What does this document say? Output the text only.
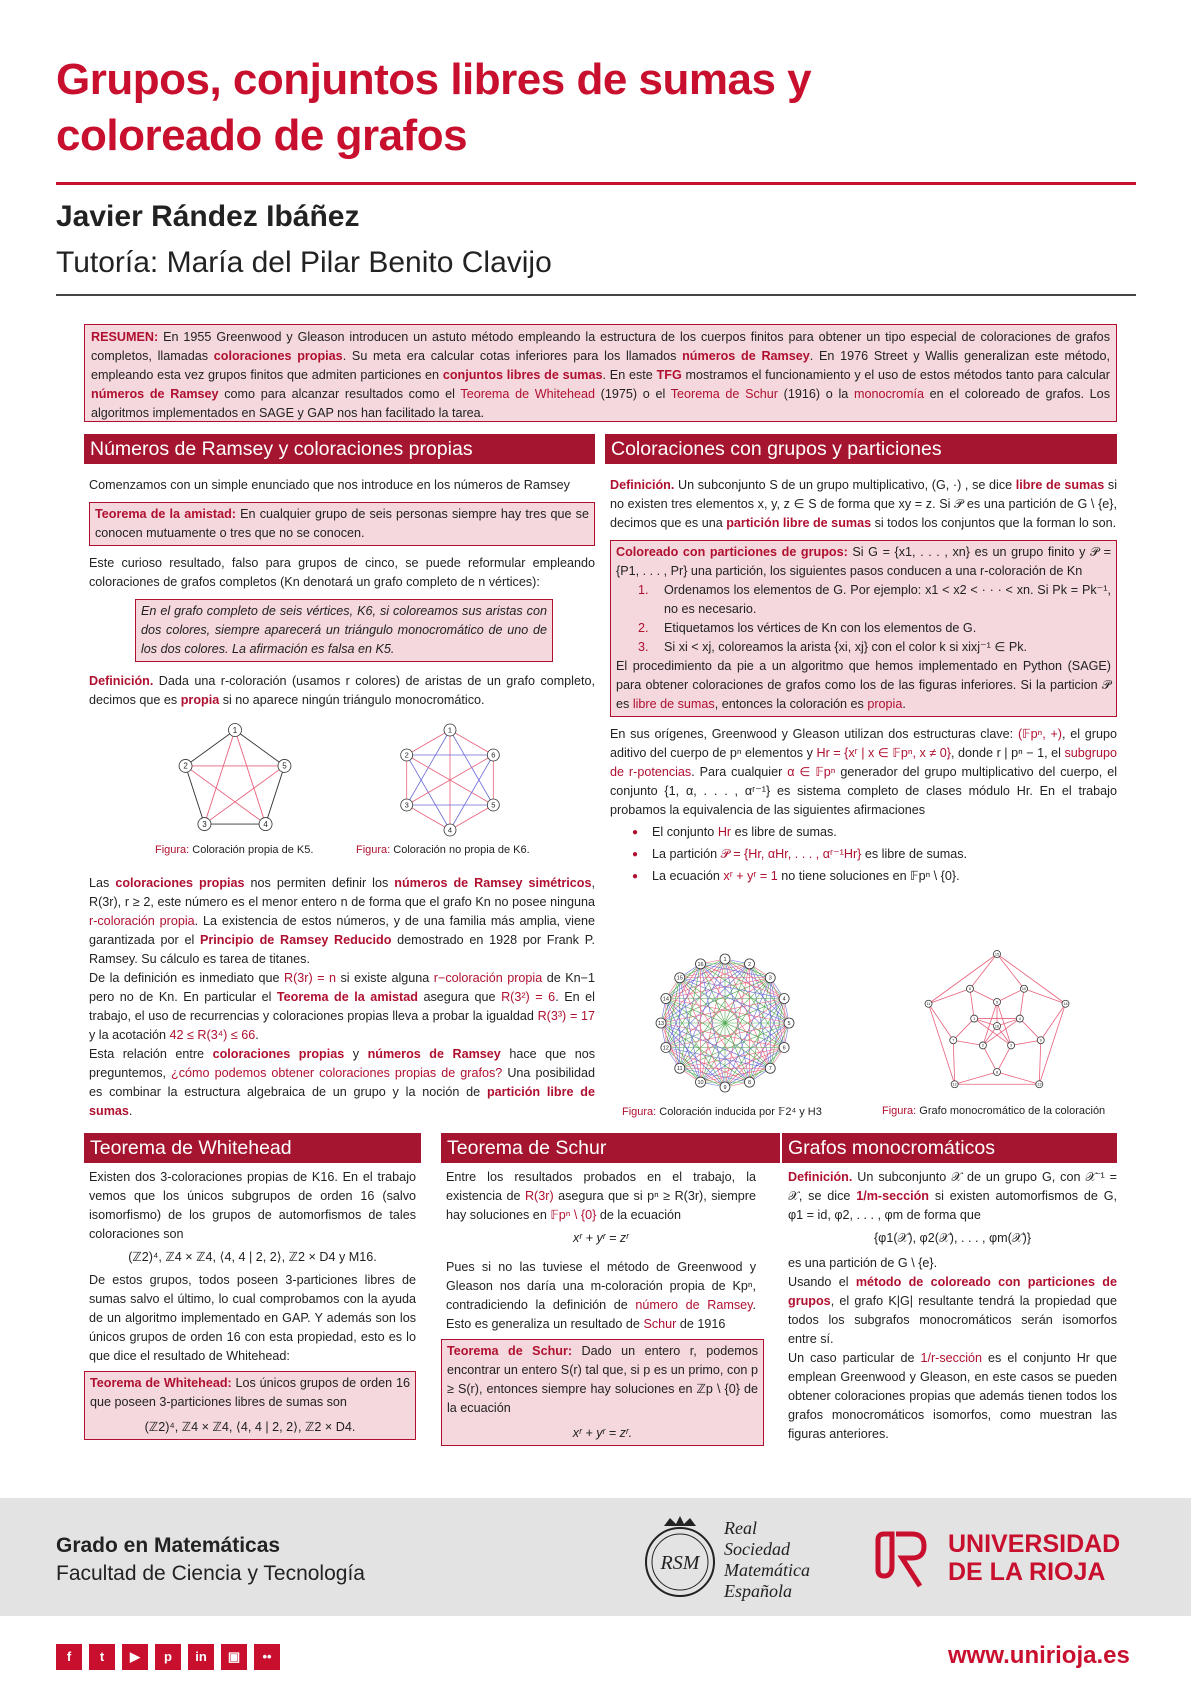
Grupos, conjuntos libres de sumas y
coloreado de grafos
Javier Rández Ibáñez
Tutoría: María del Pilar Benito Clavijo
RESUMEN: En 1955 Greenwood y Gleason introducen un astuto método empleando la estructura de los cuerpos finitos para obtener un tipo especial de coloraciones de grafos completos, llamadas coloraciones propias. Su meta era calcular cotas inferiores para los llamados números de Ramsey. En 1976 Street y Wallis generalizan este método, empleando esta vez grupos finitos que admiten particiones en conjuntos libres de sumas. En este TFG mostramos el funcionamiento y el uso de estos métodos tanto para calcular números de Ramsey como para alcanzar resultados como el Teorema de Whitehead (1975) o el Teorema de Schur (1916) o la monocromía en el coloreado de grafos. Los algoritmos implementados en SAGE y GAP nos han facilitado la tarea.
Números de Ramsey y coloraciones propias	Coloraciones con grupos y particiones

Comenzamos con un simple enunciado que nos introduce en los números de Ramsey

Teorema de la amistad: En cualquier grupo de seis personas siempre hay tres que se conocen mutuamente o tres que no se conocen.

Este curioso resultado, falso para grupos de cinco, se puede reformular empleando coloraciones de grafos completos (Kn denotará un grafo completo de n vértices):

En el grafo completo de seis vértices, K6, si coloreamos sus aristas con dos colores, siempre aparecerá un triángulo monocromático de uno de los dos colores. La afirmación es falsa en K5.

Definición. Dada una r-coloración (usamos r colores) de aristas de un grafo completo, decimos que es propia si no aparece ningún triángulo monocromático.

1
2
3	4
5
1
2
3
4
5
6
Figura: Coloración propia de K5.	Figura: Coloración no propia de K6.

Las coloraciones propias nos permiten definir los números de Ramsey simétricos, R(3r), r ≥ 2, este número es el menor entero n de forma que el grafo Kn no posee ninguna r-coloración propia. La existencia de estos números, y de una familia más amplia, viene garantizada por el Principio de Ramsey Reducido demostrado en 1928 por Frank P. Ramsey. Su cálculo es tarea de titanes.

De la definición es inmediato que R(3r) = n si existe alguna r−coloración propia de Kn−1 pero no de Kn. En particular el Teorema de la amistad asegura que R(3²) = 6. En el trabajo, el uso de recurrencias y coloraciones propias lleva a probar la igualdad R(3³) = 17 y la acotación 42 ≤ R(3⁴) ≤ 66.

Esta relación entre coloraciones propias y números de Ramsey hace que nos preguntemos, ¿cómo podemos obtener coloraciones propias de grafos? Una posibilidad es combinar la estructura algebraica de un grupo y la noción de partición libre de sumas.

Definición. Un subconjunto S de un grupo multiplicativo, (G, ·) , se dice libre de sumas si no existen tres elementos x, y, z ∈ S de forma que xy = z. Si 𝒫 es una partición de G \ {e}, decimos que es una partición libre de sumas si todos los conjuntos que la forman lo son.

Coloreado con particiones de grupos: Si G = {x1, . . . , xn} es un grupo finito y 𝒫 = {P1, . . . , Pr} una partición, los siguientes pasos conducen a una r-coloración de Kn
1. Ordenamos los elementos de G. Por ejemplo: x1 < x2 < · · · < xn. Si Pk = Pk⁻¹, no es necesario.
2. Etiquetamos los vértices de Kn con los elementos de G.
3. Si xi < xj, coloreamos la arista {xi, xj} con el color k si xixj⁻¹ ∈ Pk.
El procedimiento da pie a un algoritmo que hemos implementado en Python (SAGE) para obtener coloraciones de grafos como los de las figuras inferiores. Si la particion 𝒫 es libre de sumas, entonces la coloración es propia.

En sus orígenes, Greenwood y Gleason utilizan dos estructuras clave: (𝔽pⁿ, +), el grupo aditivo del cuerpo de pⁿ elementos y Hr = {xʳ | x ∈ 𝔽pⁿ, x ≠ 0}, donde r | pⁿ − 1, el subgrupo de r-potencias. Para cualquier α ∈ 𝔽pⁿ generador del grupo multiplicativo del cuerpo, el conjunto {1, α, . . . , αʳ⁻¹} es sistema completo de clases módulo Hr. En el trabajo probamos la equivalencia de las siguientes afirmaciones

● El conjunto Hr es libre de sumas.
● La partición 𝒫 = {Hr, αHr, . . . , αʳ⁻¹Hr} es libre de sumas.
● La ecuación xʳ + yʳ = 1 no tiene soluciones en 𝔽pⁿ \ {0}.
1
2
3
4
5
6
7
8
9
10
11
12
13
14
15
16
15
14
13
12
11
10
9
8
7
6
5
4
3
2
1
16
Figura: Coloración inducida por 𝔽2⁴ y H3	Figura: Grafo monocromático de la coloración
Teorema de Whitehead	Teorema de Schur	Grafos monocromáticos

Existen dos 3-coloraciones propias de K16. En el trabajo vemos que los únicos subgrupos de orden 16 (salvo isomorfismo) de los grupos de automorfismos de tales coloraciones son

(ℤ2)⁴, ℤ4 × ℤ4, ⟨4, 4 | 2, 2⟩, ℤ2 × D4 y M16.

De estos grupos, todos poseen 3-particiones libres de sumas salvo el último, lo cual comprobamos con la ayuda de un algoritmo implementado en GAP. Y además son los únicos grupos de orden 16 con esta propiedad, esto es lo que dice el resultado de Whitehead:

Teorema de Whitehead: Los únicos grupos de orden 16 que poseen 3-particiones libres de sumas son
(ℤ2)⁴, ℤ4 × ℤ4, ⟨4, 4 | 2, 2⟩, ℤ2 × D4.

Entre los resultados probados en el trabajo, la existencia de R(3r) asegura que si pⁿ ≥ R(3r), siempre hay soluciones en 𝔽pⁿ \ {0} de la ecuación

xʳ + yʳ = zʳ

Pues si no las tuviese el método de Greenwood y Gleason nos daría una m-coloración propia de Kpⁿ, contradiciendo la definición de número de Ramsey. Esto es generaliza un resultado de Schur de 1916

Teorema de Schur: Dado un entero r, podemos encontrar un entero S(r) tal que, si p es un primo, con p ≥ S(r), entonces siempre hay soluciones en ℤp \ {0} de la ecuación
xʳ + yʳ = zʳ.

Definición. Un subconjunto 𝒳 de un grupo G, con 𝒳⁻¹ = 𝒳, se dice 1/m-sección si existen automorfismos de G, φ1 = id, φ2, . . . , φm de forma que

{φ1(𝒳), φ2(𝒳), . . . , φm(𝒳)}

es una partición de G \ {e}.

Usando el método de coloreado con particiones de grupos, el grafo K|G| resultante tendrá la propiedad que todos los subgrafos monocromáticos serán isomorfos entre sí.

Un caso particular de 1/r-sección es el conjunto Hr que emplean Greenwood y Gleason, en este casos se pueden obtener coloraciones propias que además tienen todos los grafos monocromáticos isomorfos, como muestran las figuras anteriores.

Grado en Matemáticas
Facultad de Ciencia y Tecnología	RSM
Real
Sociedad
Matemática
Española
UNIVERSIDAD
DE LA RIOJA
f t ▶ p in ▣ ••	www.unirioja.es
